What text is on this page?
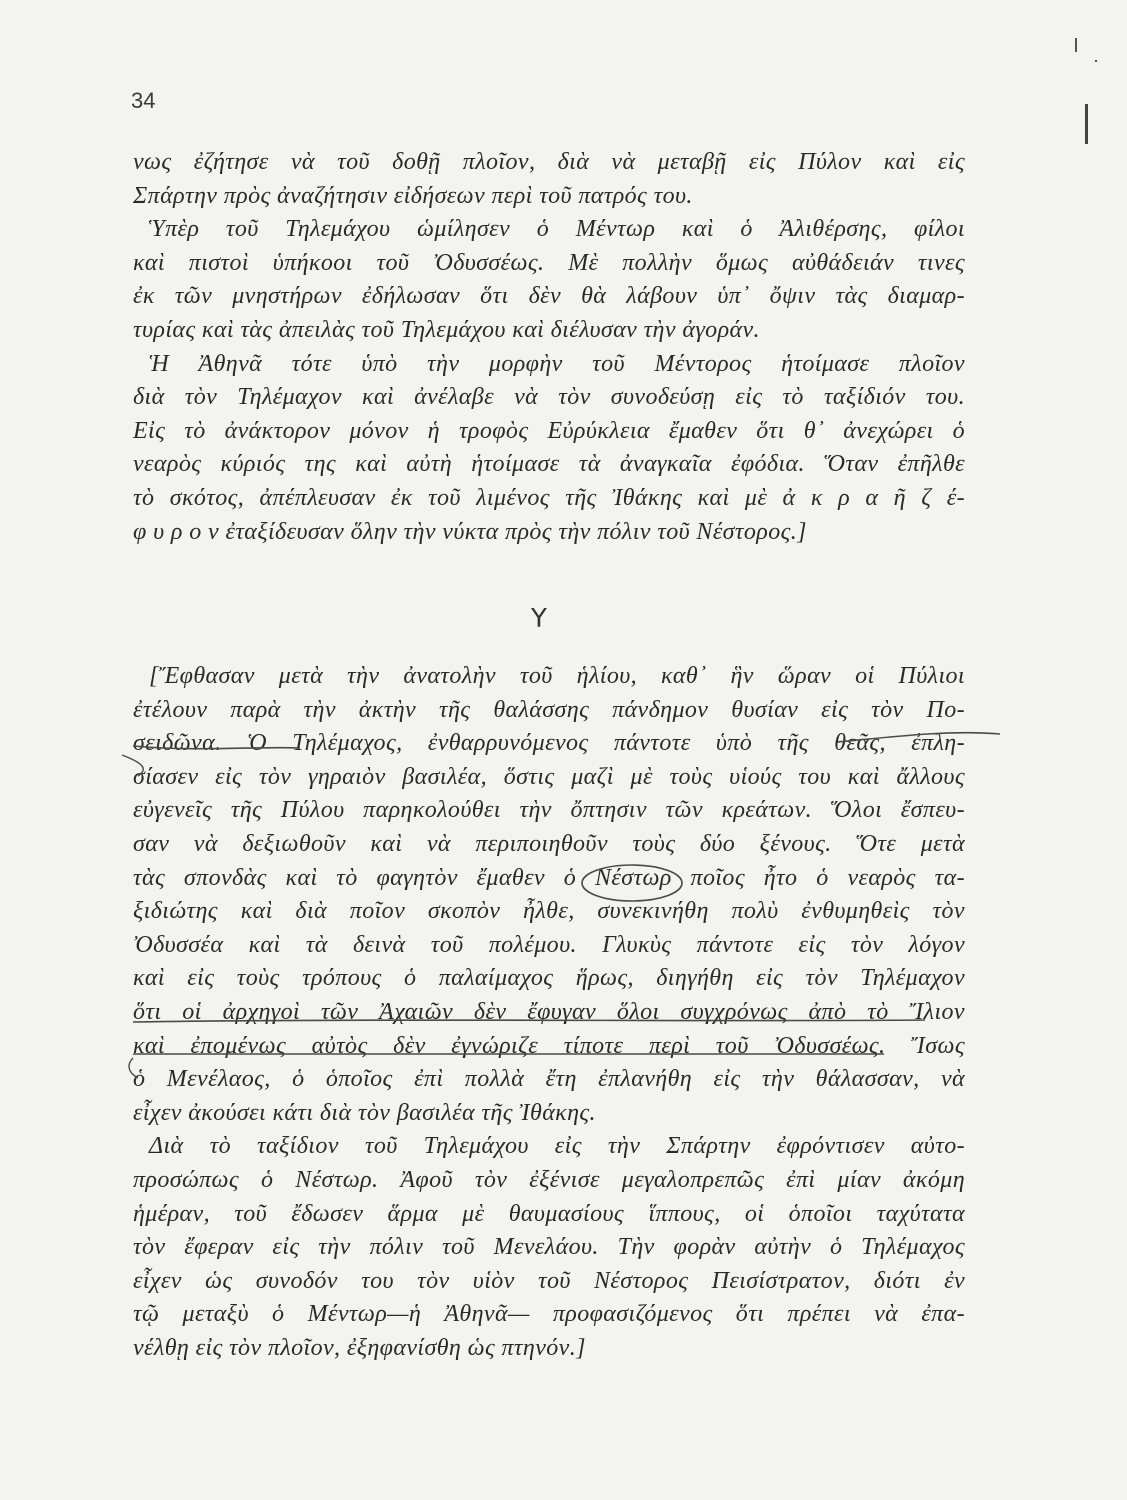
34
νως ἐζήτησε νὰ τοῦ δοθῇ πλοῖον, διὰ νὰ μεταβῇ εἰς Πύλον καὶ εἰς
Σπάρτην πρὸς ἀναζήτησιν εἰδήσεων περὶ τοῦ πατρός του.
Ὑπὲρ τοῦ Τηλεμάχου ὡμίλησεν ὁ Μέντωρ καὶ ὁ Ἀλιθέρσης, φίλοι
καὶ πιστοὶ ὑπήκοοι τοῦ Ὀδυσσέως. Μὲ πολλὴν ὅμως αὐθάδειάν τινες
ἐκ τῶν μνηστήρων ἐδήλωσαν ὅτι δὲν θὰ λάβουν ὑπ᾽ ὄψιν τὰς διαμαρ-
τυρίας καὶ τὰς ἀπειλὰς τοῦ Τηλεμάχου καὶ διέλυσαν τὴν ἀγοράν.
Ἡ Ἀθηνᾶ τότε ὑπὸ τὴν μορφὴν τοῦ Μέντορος ἡτοίμασε πλοῖον
διὰ τὸν Τηλέμαχον καὶ ἀνέλαβε νὰ τὸν συνοδεύσῃ εἰς τὸ ταξίδιόν του.
Εἰς τὸ ἀνάκτορον μόνον ἡ τροφὸς Εὐρύκλεια ἔμαθεν ὅτι θ᾽ ἀνεχώρει ὁ
νεαρὸς κύριός της καὶ αὐτὴ ἡτοίμασε τὰ ἀναγκαῖα ἐφόδια. Ὅταν ἐπῆλθε
τὸ σκότος, ἀπέπλευσαν ἐκ τοῦ λιμένος τῆς Ἰθάκης καὶ μὲ ἀ κ ρ α ῆ ζ έ-
φ υ ρ ο ν ἐταξίδευσαν ὅλην τὴν νύκτα πρὸς τὴν πόλιν τοῦ Νέστορος.]
Υ
[Ἔφθασαν μετὰ τὴν ἀνατολὴν τοῦ ἡλίου, καθ᾽ ἣν ὥραν οἱ Πύλιοι
ἐτέλουν παρὰ τὴν ἀκτὴν τῆς θαλάσσης πάνδημον θυσίαν εἰς τὸν Πο-
σειδῶνα. Ὁ Τηλέμαχος, ἐνθαρρυνόμενος πάντοτε ὑπὸ τῆς θεᾶς, ἐπλη-
σίασεν εἰς τὸν γηραιὸν βασιλέα, ὅστις μαζὶ μὲ τοὺς υἱούς του καὶ ἄλλους
εὐγενεῖς τῆς Πύλου παρηκολούθει τὴν ὄπτησιν τῶν κρεάτων. Ὅλοι ἔσπευ-
σαν νὰ δεξιωθοῦν καὶ νὰ περιποιηθοῦν τοὺς δύο ξένους. Ὅτε μετὰ
τὰς σπονδὰς καὶ τὸ φαγητὸν ἔμαθεν ὁ Νέστωρ ποῖος ἦτο ὁ νεαρὸς τα-
ξιδιώτης καὶ διὰ ποῖον σκοπὸν ἦλθε, συνεκινήθη πολὺ ἐνθυμηθεὶς τὸν
Ὀδυσσέα καὶ τὰ δεινὰ τοῦ πολέμου. Γλυκὺς πάντοτε εἰς τὸν λόγον
καὶ εἰς τοὺς τρόπους ὁ παλαίμαχος ἥρως, διηγήθη εἰς τὸν Τηλέμαχον
ὅτι οἱ ἀρχηγοὶ τῶν Ἀχαιῶν δὲν ἔφυγαν ὅλοι συγχρόνως ἀπὸ τὸ Ἴλιον
καὶ ἐπομένως αὐτὸς δὲν ἐγνώριζε τίποτε περὶ τοῦ Ὀδυσσέως. Ἴσως
ὁ Μενέλαος, ὁ ὁποῖος ἐπὶ πολλὰ ἔτη ἐπλανήθη εἰς τὴν θάλασσαν, νὰ
εἶχεν ἀκούσει κάτι διὰ τὸν βασιλέα τῆς Ἰθάκης.
Διὰ τὸ ταξίδιον τοῦ Τηλεμάχου εἰς τὴν Σπάρτην ἐφρόντισεν αὐτο-
προσώπως ὁ Νέστωρ. Ἀφοῦ τὸν ἐξένισε μεγαλοπρεπῶς ἐπὶ μίαν ἀκόμη
ἡμέραν, τοῦ ἔδωσεν ἅρμα μὲ θαυμασίους ἵππους, οἱ ὁποῖοι ταχύτατα
τὸν ἔφεραν εἰς τὴν πόλιν τοῦ Μενελάου. Τὴν φορὰν αὐτὴν ὁ Τηλέμαχος
εἶχεν ὡς συνοδόν του τὸν υἱὸν τοῦ Νέστορος Πεισίστρατον, διότι ἐν
τῷ μεταξὺ ὁ Μέντωρ—ἡ Ἀθηνᾶ— προφασιζόμενος ὅτι πρέπει νὰ ἐπα-
νέλθῃ εἰς τὸν πλοῖον, ἐξηφανίσθη ὡς πτηνόν.]
